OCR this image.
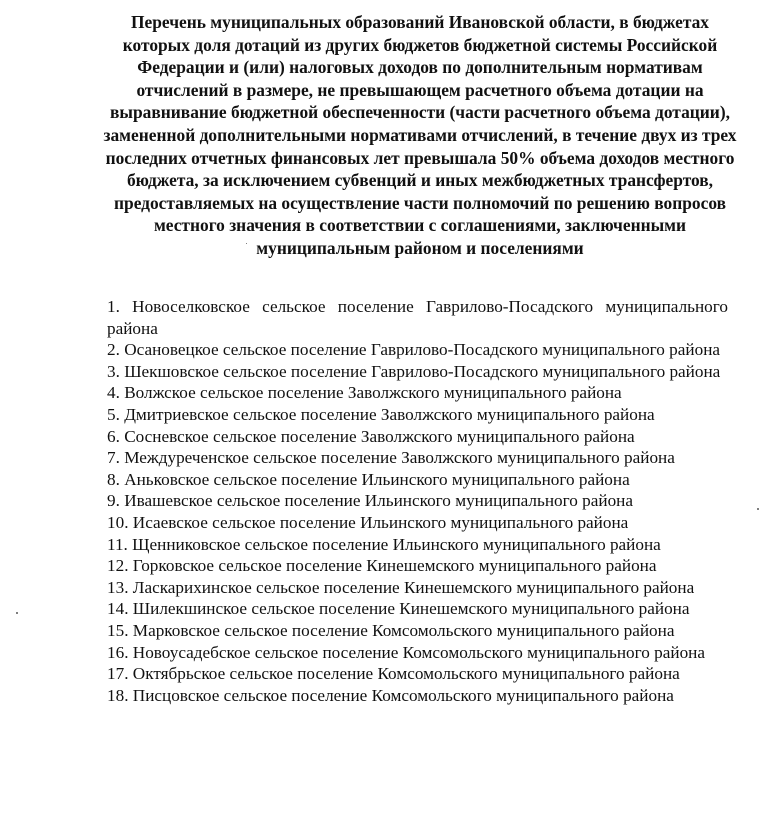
Перечень муниципальных образований Ивановской области, в бюджетах которых доля дотаций из других бюджетов бюджетной системы Российской Федерации и (или) налоговых доходов по дополнительным нормативам отчислений в размере, не превышающем расчетного объема дотации на выравнивание бюджетной обеспеченности (части расчетного объема дотации), замененной дополнительными нормативами отчислений, в течение двух из трех последних отчетных финансовых лет превышала 50% объема доходов местного бюджета, за исключением субвенций и иных межбюджетных трансфертов, предоставляемых на осуществление части полномочий по решению вопросов местного значения в соответствии с соглашениями, заключенными муниципальным районом и поселениями
1. Новоселковское сельское поселение Гаврилово-Посадского муниципального района
2. Осановецкое сельское поселение Гаврилово-Посадского муниципального района
3. Шекшовское сельское поселение Гаврилово-Посадского муниципального района
4. Волжское сельское поселение Заволжского муниципального района
5. Дмитриевское сельское поселение Заволжского муниципального района
6. Сосневское сельское поселение Заволжского муниципального района
7. Междуреченское сельское поселение Заволжского муниципального района
8. Аньковское сельское поселение Ильинского муниципального района
9. Ивашевское сельское поселение Ильинского муниципального района
10. Исаевское сельское поселение Ильинского муниципального района
11. Щенниковское сельское поселение Ильинского муниципального района
12. Горковское сельское поселение Кинешемского муниципального района
13. Ласкарихинское сельское поселение Кинешемского муниципального района
14. Шилекшинское сельское поселение Кинешемского муниципального района
15. Марковское сельское поселение Комсомольского муниципального района
16. Новоусадебское сельское поселение Комсомольского муниципального района
17. Октябрьское сельское поселение Комсомольского муниципального района
18. Писцовское сельское поселение Комсомольского муниципального района
